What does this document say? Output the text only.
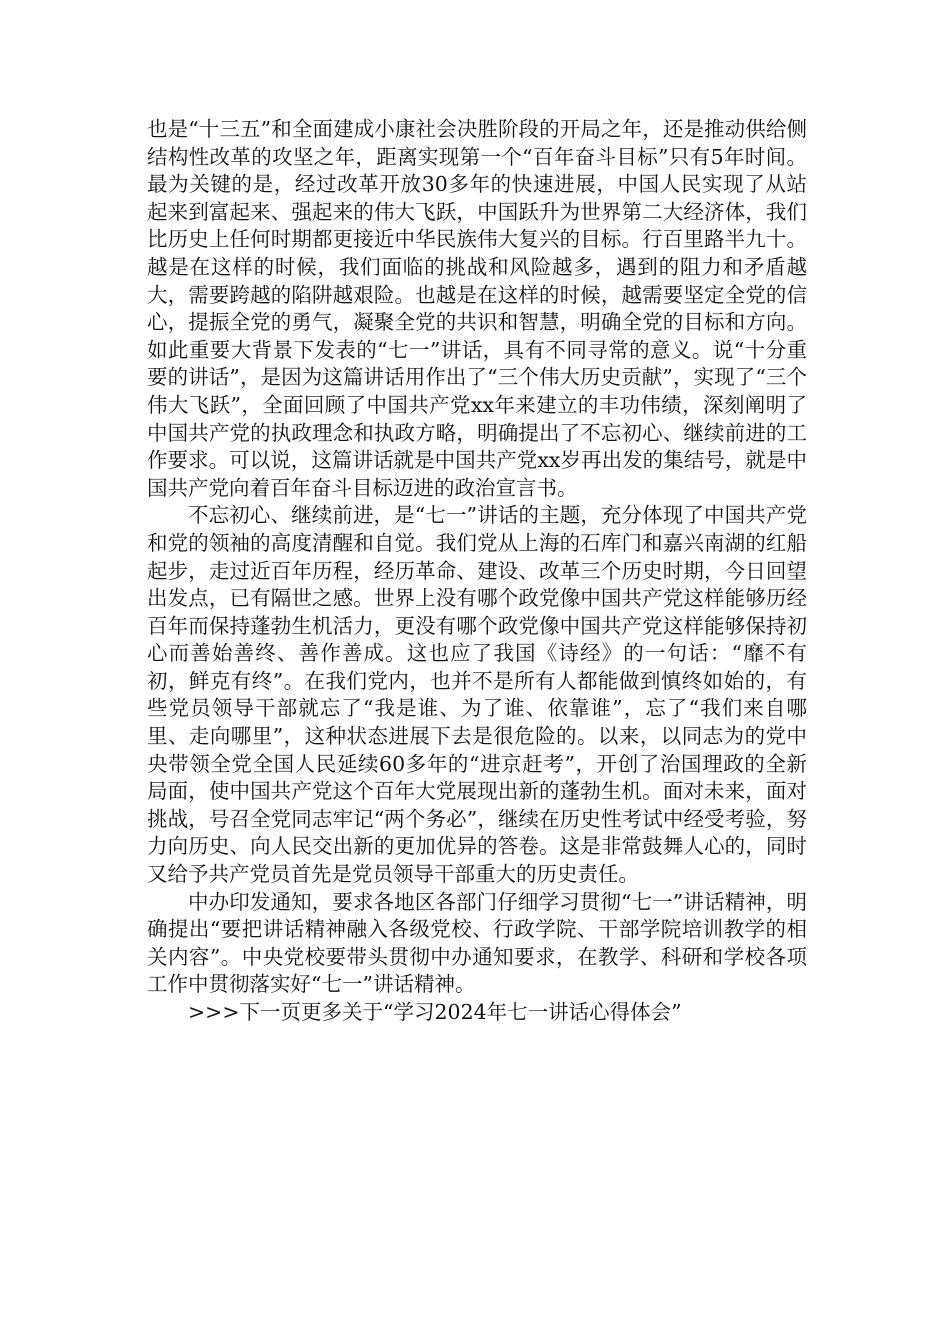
也是“十三五”和全面建成小康社会决胜阶段的开局之年，还是推动供给侧结构性改革的攻坚之年，距离实现第一个“百年奋斗目标”只有5年时间。最为关键的是，经过改革开放30多年的快速进展，中国人民实现了从站起来到富起来、强起来的伟大飞跃，中国跃升为世界第二大经济体，我们比历史上任何时期都更接近中华民族伟大复兴的目标。行百里路半九十。越是在这样的时候，我们面临的挑战和风险越多，遇到的阻力和矛盾越大，需要跨越的陷阱越艰险。也越是在这样的时候，越需要坚定全党的信心，提振全党的勇气，凝聚全党的共识和智慧，明确全党的目标和方向。如此重要大背景下发表的“七一”讲话，具有不同寻常的意义。说“十分重要的讲话”，是因为这篇讲话用作出了“三个伟大历史贡献”，实现了“三个伟大飞跃”，全面回顾了中国共产党xx年来建立的丰功伟绩，深刻阐明了中国共产党的执政理念和执政方略，明确提出了不忘初心、继续前进的工作要求。可以说，这篇讲话就是中国共产党xx岁再出发的集结号，就是中国共产党向着百年奋斗目标迈进的政治宣言书。

不忘初心、继续前进，是“七一”讲话的主题，充分体现了中国共产党和党的领袖的高度清醒和自觉。我们党从上海的石库门和嘉兴南湖的红船起步，走过近百年历程，经历革命、建设、改革三个历史时期，今日回望出发点，已有隔世之感。世界上没有哪个政党像中国共产党这样能够历经百年而保持蓬勃生机活力，更没有哪个政党像中国共产党这样能够保持初心而善始善终、善作善成。这也应了我国《诗经》的一句话：“靡不有初，鲜克有终”。在我们党内，也并不是所有人都能做到慎终如始的，有些党员领导干部就忘了“我是谁、为了谁、依靠谁”，忘了“我们来自哪里、走向哪里”，这种状态进展下去是很危险的。以来，以同志为的党中央带领全党全国人民延续60多年的“进京赶考”，开创了治国理政的全新局面，使中国共产党这个百年大党展现出新的蓬勃生机。面对未来，面对挑战，号召全党同志牢记“两个务必”，继续在历史性考试中经受考验，努力向历史、向人民交出新的更加优异的答卷。这是非常鼓舞人心的，同时又给予共产党员首先是党员领导干部重大的历史责任。

中办印发通知，要求各地区各部门仔细学习贯彻“七一”讲话精神，明确提出“要把讲话精神融入各级党校、行政学院、干部学院培训教学的相关内容”。中央党校要带头贯彻中办通知要求，在教学、科研和学校各项工作中贯彻落实好“七一”讲话精神。

>>>下一页更多关于“学习2024年七一讲话心得体会”
